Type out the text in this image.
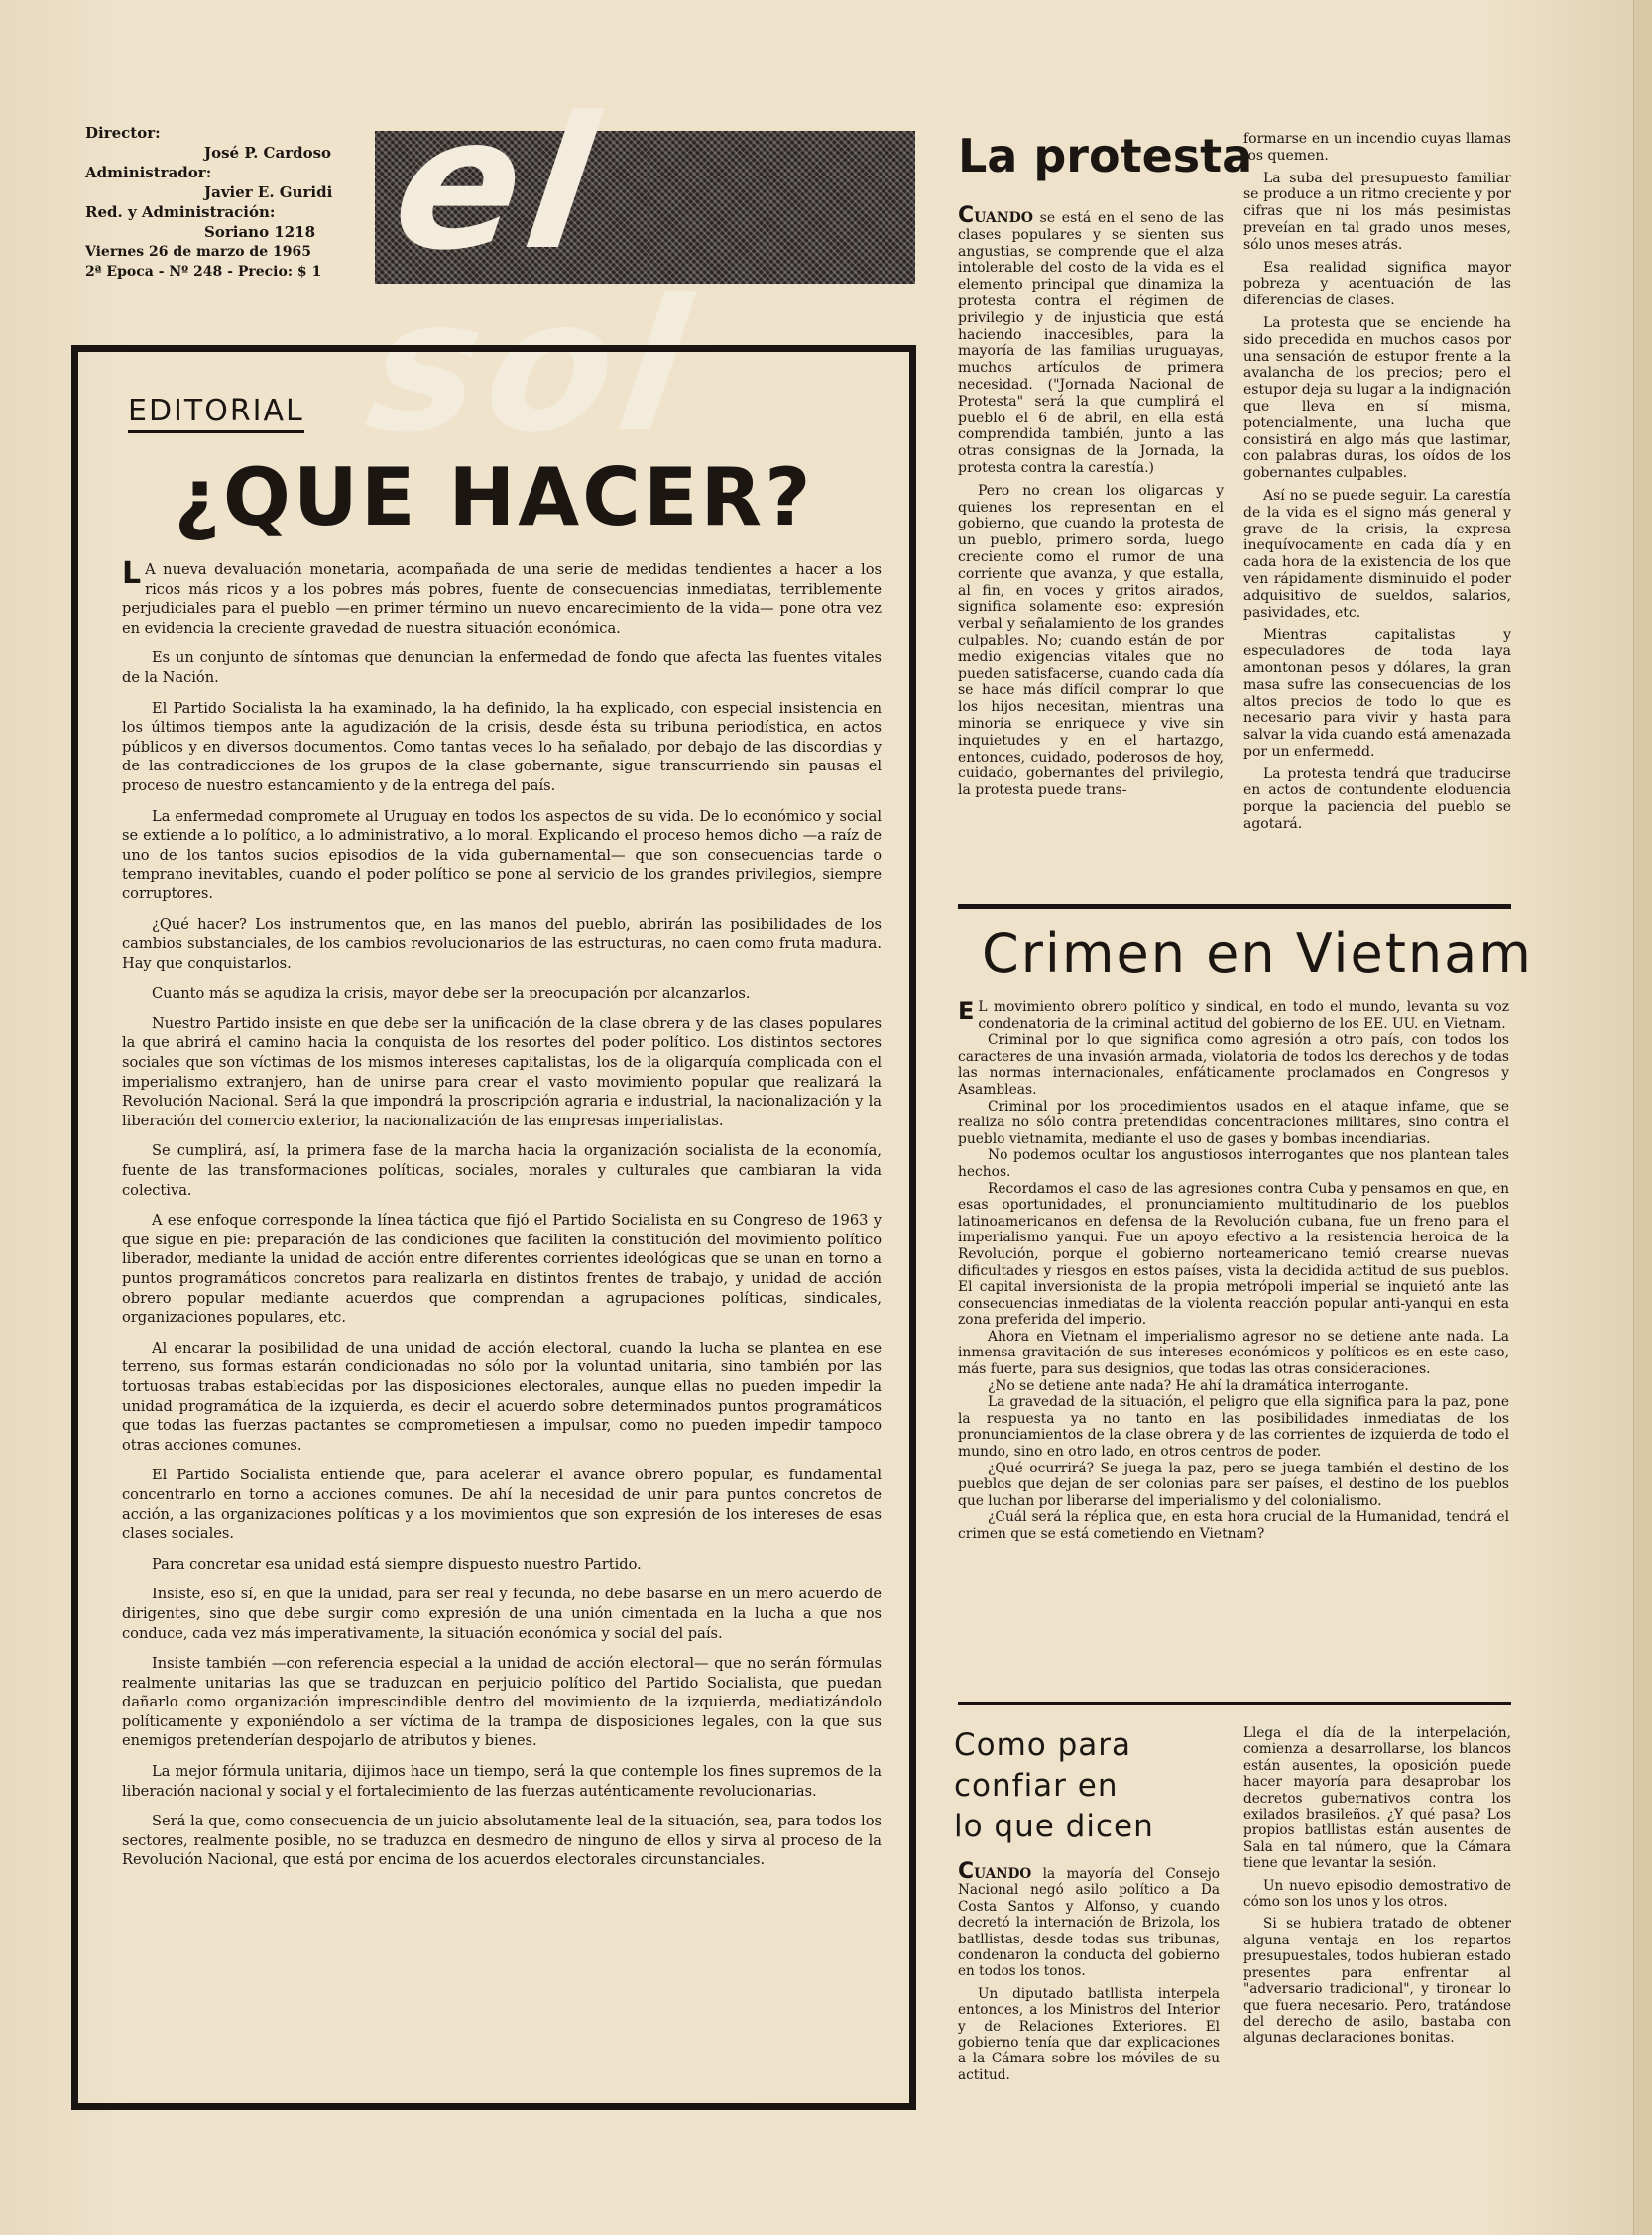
Director:
José P. Cardoso
Administrador:
Javier E. Guridi
Red. y Administración:
Soriano 1218
Viernes 26 de marzo de 1965
2ª Epoca - Nº 248 - Precio: $ 1 el sol
EDITORIAL
¿QUE HACER?

L A nueva devaluación monetaria, acompañada de una serie de medidas tendientes a hacer a los ricos más ricos y a los pobres más pobres, fuente de consecuencias inmediatas, terriblemente perjudiciales para el pueblo —en primer término un nuevo encarecimiento de la vida— pone otra vez en evidencia la creciente gravedad de nuestra situación económica.

Es un conjunto de síntomas que denuncian la enfermedad de fondo que afecta las fuentes vitales de la Nación.

El Partido Socialista la ha examinado, la ha definido, la ha explicado, con especial insistencia en los últimos tiempos ante la agudización de la crisis, desde ésta su tribuna periodística, en actos públicos y en diversos documentos. Como tantas veces lo ha señalado, por debajo de las discordias y de las contradicciones de los grupos de la clase gobernante, sigue transcurriendo sin pausas el proceso de nuestro estancamiento y de la entrega del país.

La enfermedad compromete al Uruguay en todos los aspectos de su vida. De lo económico y social se extiende a lo político, a lo administrativo, a lo moral. Explicando el proceso hemos dicho —a raíz de uno de los tantos sucios episodios de la vida gubernamental— que son consecuencias tarde o temprano inevitables, cuando el poder político se pone al servicio de los grandes privilegios, siempre corruptores.

¿Qué hacer? Los instrumentos que, en las manos del pueblo, abrirán las posibilidades de los cambios substanciales, de los cambios revolucionarios de las estructuras, no caen como fruta madura. Hay que conquistarlos.

Cuanto más se agudiza la crisis, mayor debe ser la preocupación por alcanzarlos.

Nuestro Partido insiste en que debe ser la unificación de la clase obrera y de las clases populares la que abrirá el camino hacia la conquista de los resortes del poder político. Los distintos sectores sociales que son víctimas de los mismos intereses capitalistas, los de la oligarquía complicada con el imperialismo extranjero, han de unirse para crear el vasto movimiento popular que realizará la Revolución Nacional. Será la que impondrá la proscripción agraria e industrial, la nacionalización y la liberación del comercio exterior, la nacionalización de las empresas imperialistas.

Se cumplirá, así, la primera fase de la marcha hacia la organización socialista de la economía, fuente de las transformaciones políticas, sociales, morales y culturales que cambiaran la vida colectiva.

A ese enfoque corresponde la línea táctica que fijó el Partido Socialista en su Congreso de 1963 y que sigue en pie: preparación de las condiciones que faciliten la constitución del movimiento político liberador, mediante la unidad de acción entre diferentes corrientes ideológicas que se unan en torno a puntos programáticos concretos para realizarla en distintos frentes de trabajo, y unidad de acción obrero popular mediante acuerdos que comprendan a agrupaciones políticas, sindicales, organizaciones populares, etc.

Al encarar la posibilidad de una unidad de acción electoral, cuando la lucha se plantea en ese terreno, sus formas estarán condicionadas no sólo por la voluntad unitaria, sino también por las tortuosas trabas establecidas por las disposiciones electorales, aunque ellas no pueden impedir la unidad programática de la izquierda, es decir el acuerdo sobre determinados puntos programáticos que todas las fuerzas pactantes se comprometiesen a impulsar, como no pueden impedir tampoco otras acciones comunes.

El Partido Socialista entiende que, para acelerar el avance obrero popular, es fundamental concentrarlo en torno a acciones comunes. De ahí la necesidad de unir para puntos concretos de acción, a las organizaciones políticas y a los movimientos que son expresión de los intereses de esas clases sociales.

Para concretar esa unidad está siempre dispuesto nuestro Partido.

Insiste, eso sí, en que la unidad, para ser real y fecunda, no debe basarse en un mero acuerdo de dirigentes, sino que debe surgir como expresión de una unión cimentada en la lucha a que nos conduce, cada vez más imperativamente, la situación económica y social del país.

Insiste también —con referencia especial a la unidad de acción electoral— que no serán fórmulas realmente unitarias las que se traduzcan en perjuicio político del Partido Socialista, que puedan dañarlo como organización imprescindible dentro del movimiento de la izquierda, mediatizándolo políticamente y exponiéndolo a ser víctima de la trampa de disposiciones legales, con la que sus enemigos pretenderían despojarlo de atributos y bienes.

La mejor fórmula unitaria, dijimos hace un tiempo, será la que contemple los fines supremos de la liberación nacional y social y el fortalecimiento de las fuerzas auténticamente revolucionarias.

Será la que, como consecuencia de un juicio absolutamente leal de la situación, sea, para todos los sectores, realmente posible, no se traduzca en desmedro de ninguno de ellos y sirva al proceso de la Revolución Nacional, que está por encima de los acuerdos electorales circunstanciales.

La protesta

CUANDO se está en el seno de las clases populares y se sienten sus angustias, se comprende que el alza intolerable del costo de la vida es el elemento principal que dinamiza la protesta contra el régimen de privilegio y de injusticia que está haciendo inaccesibles, para la mayoría de las familias uruguayas, muchos artículos de primera necesidad. ("Jornada Nacional de Protesta" será la que cumplirá el pueblo el 6 de abril, en ella está comprendida también, junto a las otras consignas de la Jornada, la protesta contra la carestía.)

Pero no crean los oligarcas y quienes los representan en el gobierno, que cuando la protesta de un pueblo, primero sorda, luego creciente como el rumor de una corriente que avanza, y que estalla, al fin, en voces y gritos airados, significa solamente eso: expresión verbal y señalamiento de los grandes culpables. No; cuando están de por medio exigencias vitales que no pueden satisfacerse, cuando cada día se hace más difícil comprar lo que los hijos necesitan, mientras una minoría se enriquece y vive sin inquietudes y en el hartazgo, entonces, cuidado, poderosos de hoy, cuidado, gobernantes del privilegio, la protesta puede trans-

formarse en un incendio cuyas llamas los quemen.

La suba del presupuesto familiar se produce a un ritmo creciente y por cifras que ni los más pesimistas preveían en tal grado unos meses, sólo unos meses atrás.

Esa realidad significa mayor pobreza y acentuación de las diferencias de clases.

La protesta que se enciende ha sido precedida en muchos casos por una sensación de estupor frente a la avalancha de los precios; pero el estupor deja su lugar a la indignación que lleva en sí misma, potencialmente, una lucha que consistirá en algo más que lastimar, con palabras duras, los oídos de los gobernantes culpables.

Así no se puede seguir. La carestía de la vida es el signo más general y grave de la crisis, la expresa inequívocamente en cada día y en cada hora de la existencia de los que ven rápidamente disminuido el poder adquisitivo de sueldos, salarios, pasividades, etc.

Mientras capitalistas y especuladores de toda laya amontonan pesos y dólares, la gran masa sufre las consecuencias de los altos precios de todo lo que es necesario para vivir y hasta para salvar la vida cuando está amenazada por un enfermedd.

La protesta tendrá que traducirse en actos de contundente eloduencia porque la paciencia del pueblo se agotará.

Crimen en Vietnam

E L movimiento obrero político y sindical, en todo el mundo, levanta su voz condenatoria de la criminal actitud del gobierno de los EE. UU. en Vietnam.

Criminal por lo que significa como agresión a otro país, con todos los caracteres de una invasión armada, violatoria de todos los derechos y de todas las normas internacionales, enfáticamente proclamados en Congresos y Asambleas.

Criminal por los procedimientos usados en el ataque infame, que se realiza no sólo contra pretendidas concentraciones militares, sino contra el pueblo vietnamita, mediante el uso de gases y bombas incendiarias.

No podemos ocultar los angustiosos interrogantes que nos plantean tales hechos.

Recordamos el caso de las agresiones contra Cuba y pensamos en que, en esas oportunidades, el pronunciamiento multitudinario de los pueblos latinoamericanos en defensa de la Revolución cubana, fue un freno para el imperialismo yanqui. Fue un apoyo efectivo a la resistencia heroica de la Revolución, porque el gobierno norteamericano temió crearse nuevas dificultades y riesgos en estos países, vista la decidida actitud de sus pueblos. El capital inversionista de la propia metrópoli imperial se inquietó ante las consecuencias inmediatas de la violenta reacción popular anti-yanqui en esta zona preferida del imperio.

Ahora en Vietnam el imperialismo agresor no se detiene ante nada. La inmensa gravitación de sus intereses económicos y políticos es en este caso, más fuerte, para sus designios, que todas las otras consideraciones.

¿No se detiene ante nada? He ahí la dramática interrogante.

La gravedad de la situación, el peligro que ella significa para la paz, pone la respuesta ya no tanto en las posibilidades inmediatas de los pronunciamientos de la clase obrera y de las corrientes de izquierda de todo el mundo, sino en otro lado, en otros centros de poder.

¿Qué ocurrirá? Se juega la paz, pero se juega también el destino de los pueblos que dejan de ser colonias para ser países, el destino de los pueblos que luchan por liberarse del imperialismo y del colonialismo.

¿Cuál será la réplica que, en esta hora crucial de la Humanidad, tendrá el crimen que se está cometiendo en Vietnam?

Como para
confiar en
lo que dicen

CUANDO la mayoría del Consejo Nacional negó asilo político a Da Costa Santos y Alfonso, y cuando decretó la internación de Brizola, los batllistas, desde todas sus tribunas, condenaron la conducta del gobierno en todos los tonos.

Un diputado batllista interpela entonces, a los Ministros del Interior y de Relaciones Exteriores. El gobierno tenía que dar explicaciones a la Cámara sobre los móviles de su actitud.

Llega el día de la interpelación, comienza a desarrollarse, los blancos están ausentes, la oposición puede hacer mayoría para desaprobar los decretos gubernativos contra los exilados brasileños. ¿Y qué pasa? Los propios batllistas están ausentes de Sala en tal número, que la Cámara tiene que levantar la sesión.

Un nuevo episodio demostrativo de cómo son los unos y los otros.

Si se hubiera tratado de obtener alguna ventaja en los repartos presupuestales, todos hubieran estado presentes para enfrentar al "adversario tradicional", y tironear lo que fuera necesario. Pero, tratándose del derecho de asilo, bastaba con algunas declaraciones bonitas.
